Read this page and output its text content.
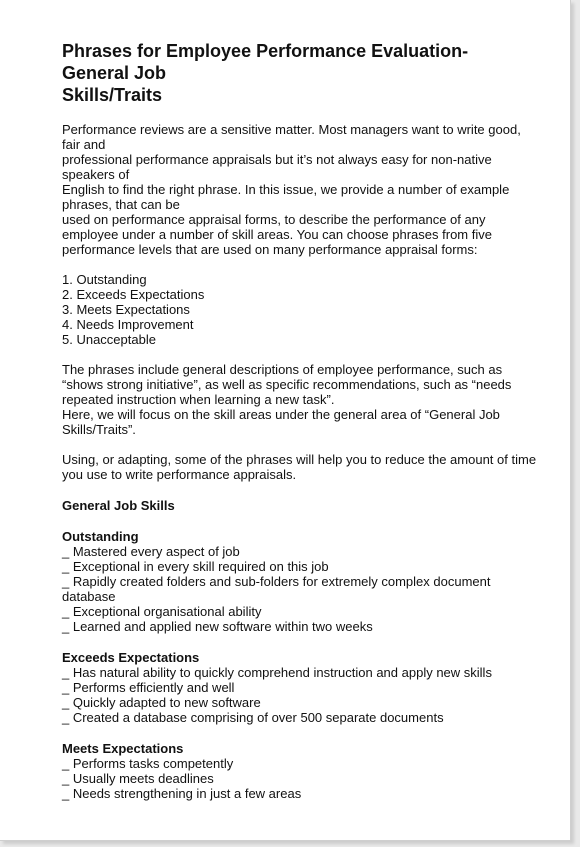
Phrases for Employee Performance Evaluation-
General Job
Skills/Traits
Performance reviews are a sensitive matter. Most managers want to write good,
fair and
professional performance appraisals but it’s not always easy for non-native
speakers of
English to find the right phrase. In this issue, we provide a number of example
phrases, that can be
used on performance appraisal forms, to describe the performance of any
employee under a number of skill areas. You can choose phrases from five
performance levels that are used on many performance appraisal forms:
1. Outstanding
2. Exceeds Expectations
3. Meets Expectations
4. Needs Improvement
5. Unacceptable
The phrases include general descriptions of employee performance, such as
“shows strong initiative”, as well as specific recommendations, such as “needs
repeated instruction when learning a new task”.
Here, we will focus on the skill areas under the general area of “General Job
Skills/Traits”.
Using, or adapting, some of the phrases will help you to reduce the amount of time
you use to write performance appraisals.
General Job Skills
Outstanding
_ Mastered every aspect of job
_ Exceptional in every skill required on this job
_ Rapidly created folders and sub-folders for extremely complex document
database
_ Exceptional organisational ability
_ Learned and applied new software within two weeks
Exceeds Expectations
_ Has natural ability to quickly comprehend instruction and apply new skills
_ Performs efficiently and well
_ Quickly adapted to new software
_ Created a database comprising of over 500 separate documents
Meets Expectations
_ Performs tasks competently
_ Usually meets deadlines
_ Needs strengthening in just a few areas
